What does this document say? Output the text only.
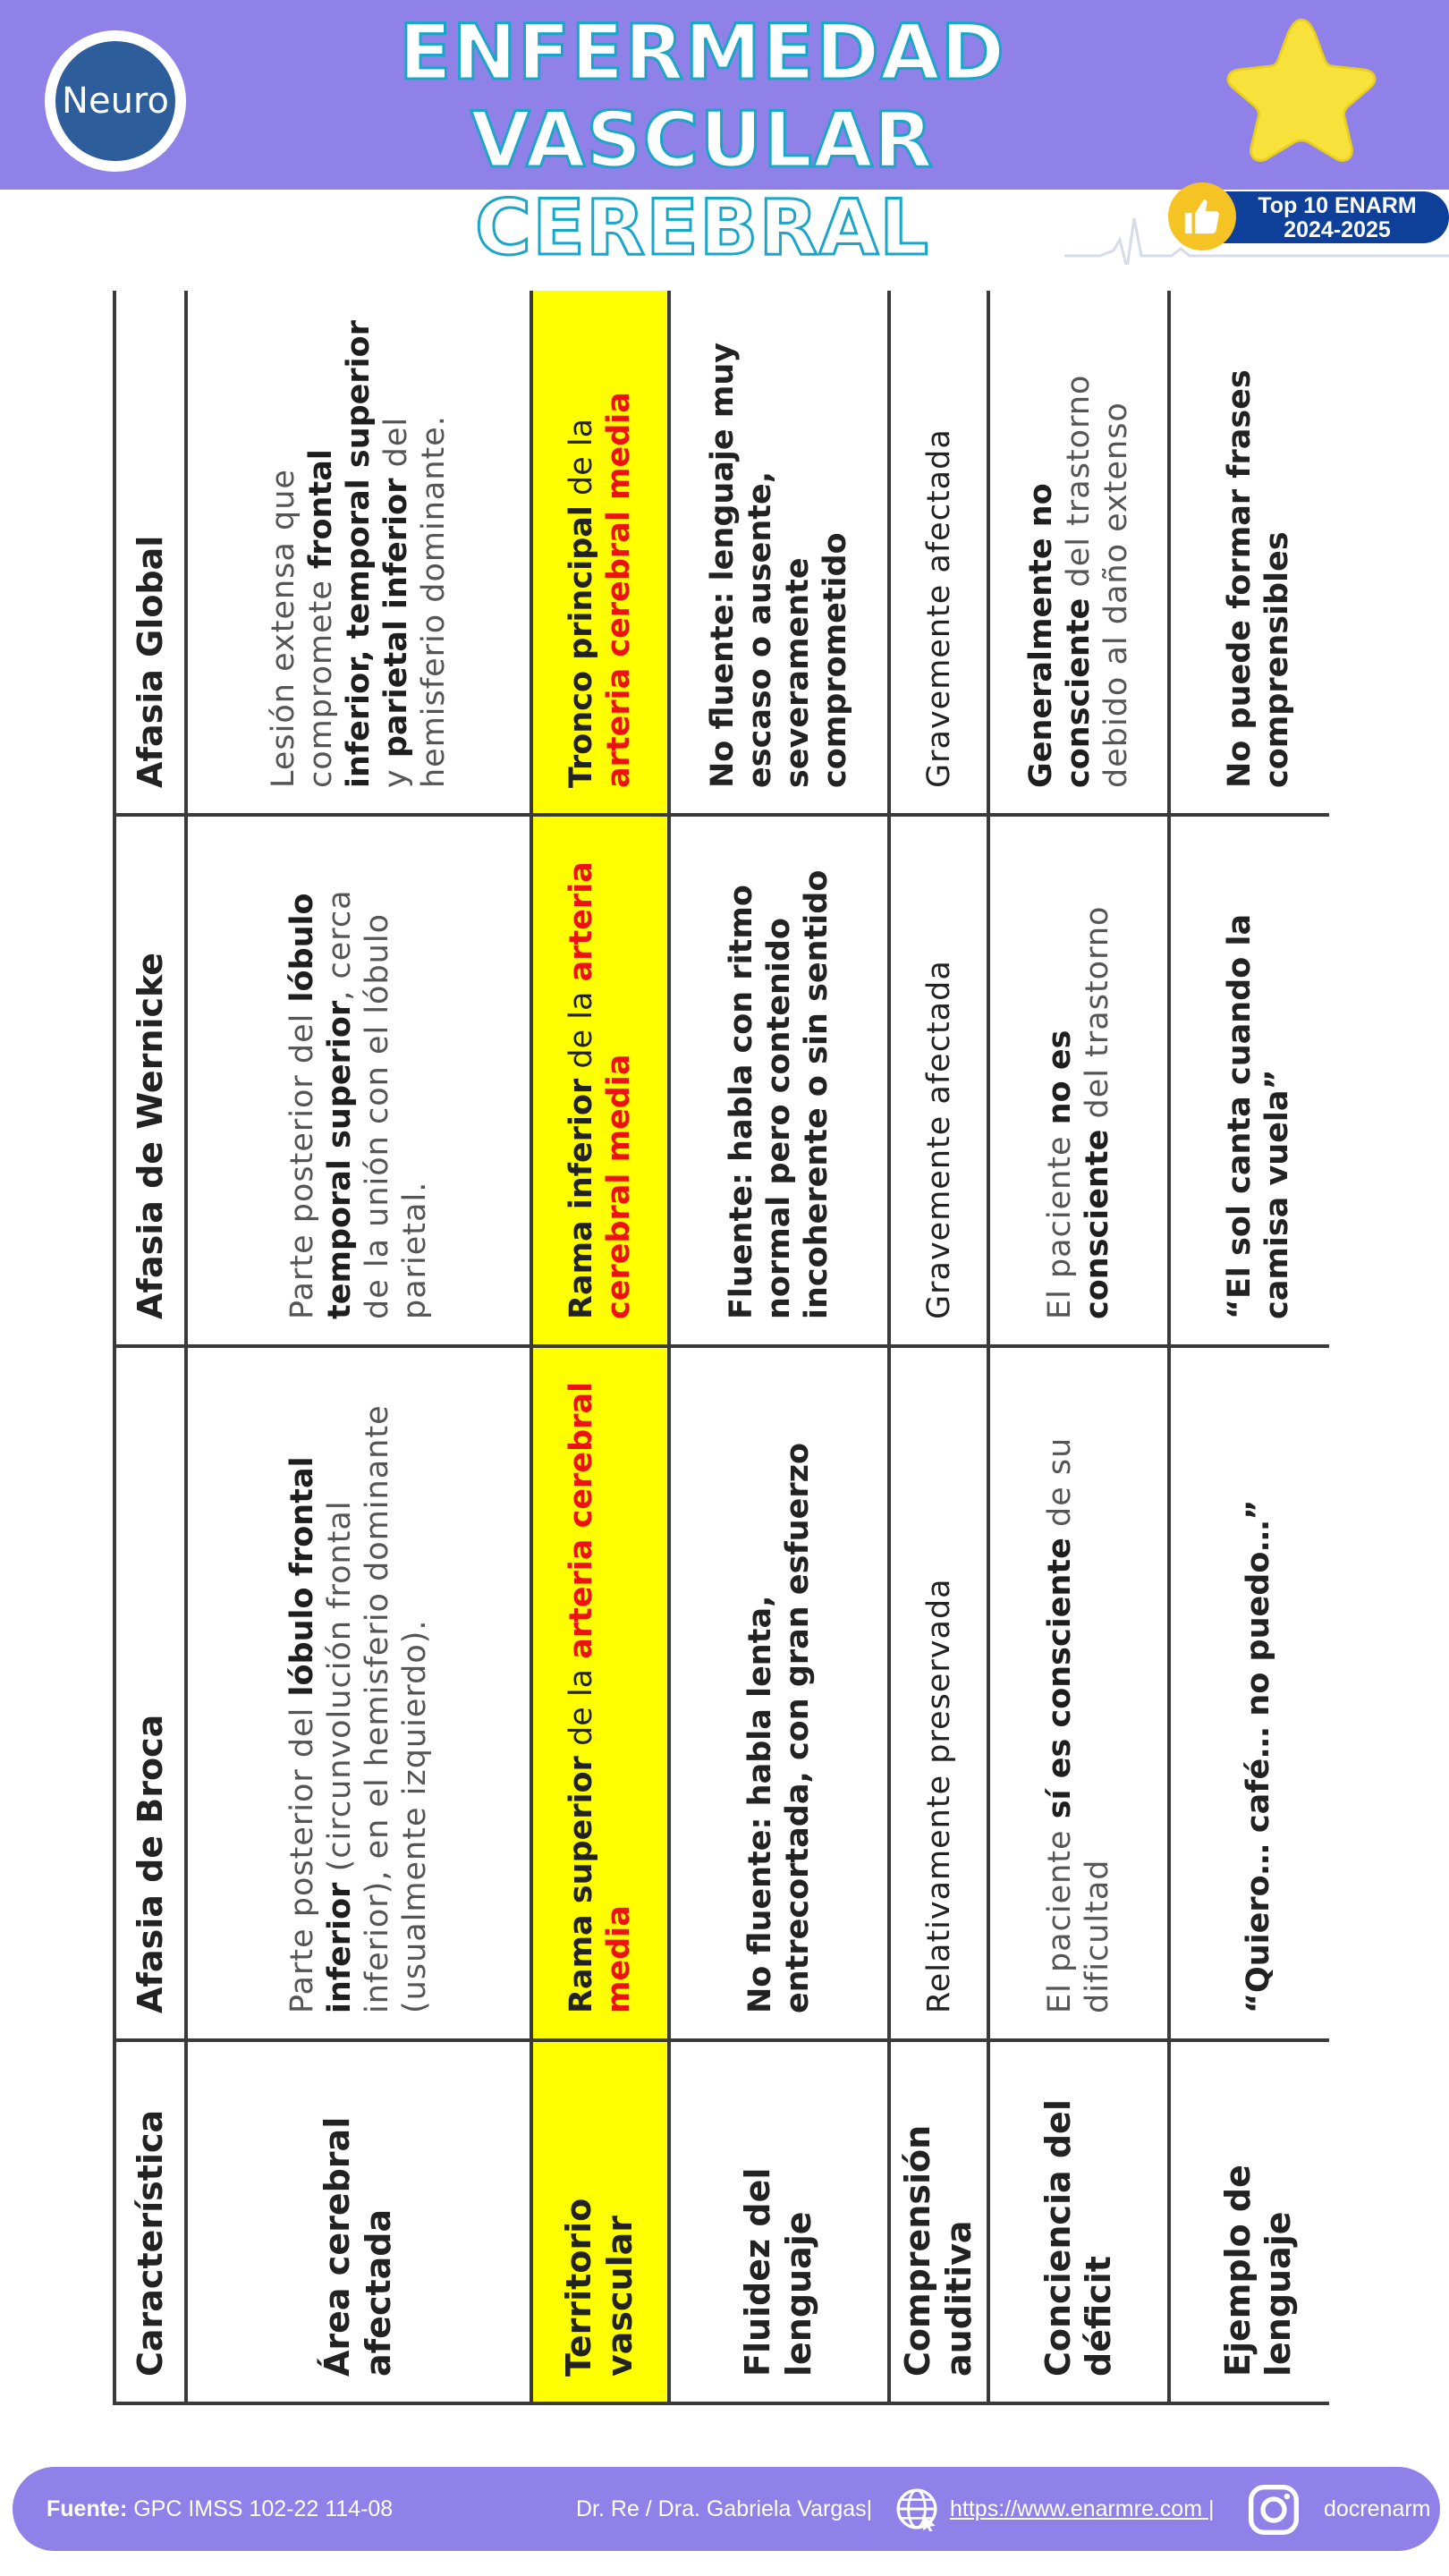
Neuro
ENFERMEDAD VASCULAR
CEREBRAL	Top 10 ENARM
2024-2025
Característica	Afasia de Broca	Afasia de Wernicke	Afasia Global
Área cerebral afectada	Parte posterior del lóbulo frontal inferior (circunvolución frontal inferior), en el hemisferio dominante (usualmente izquierdo).	Parte posterior del lóbulo temporal superior, cerca de la unión con el lóbulo parietal.	Lesión extensa que compromete frontal inferior, temporal superior y parietal inferior del hemisferio dominante.
Territorio vascular	Rama superior de la arteria cerebral media	Rama inferior de la arteria cerebral media	Tronco principal de la arteria cerebral media
Fluidez del lenguaje	No fluente: habla lenta, entrecortada, con gran esfuerzo	Fluente: habla con ritmo normal pero contenido incoherente o sin sentido	No fluente: lenguaje muy escaso o ausente, severamente comprometido
Comprensión auditiva	Relativamente preservada	Gravemente afectada	Gravemente afectada
Conciencia del déficit	El paciente sí es consciente de su dificultad	El paciente no es consciente del trastorno	Generalmente no consciente del trastorno debido al daño extenso
Ejemplo de lenguaje	“Quiero… café… no puedo…”	“El sol canta cuando la camisa vuela”	No puede formar frases comprensibles
Fuente: GPC IMSS 102-22 114-08	Dr. Re / Dra. Gabriela Vargas|	https://www.enarmre.com |	docrenarm
